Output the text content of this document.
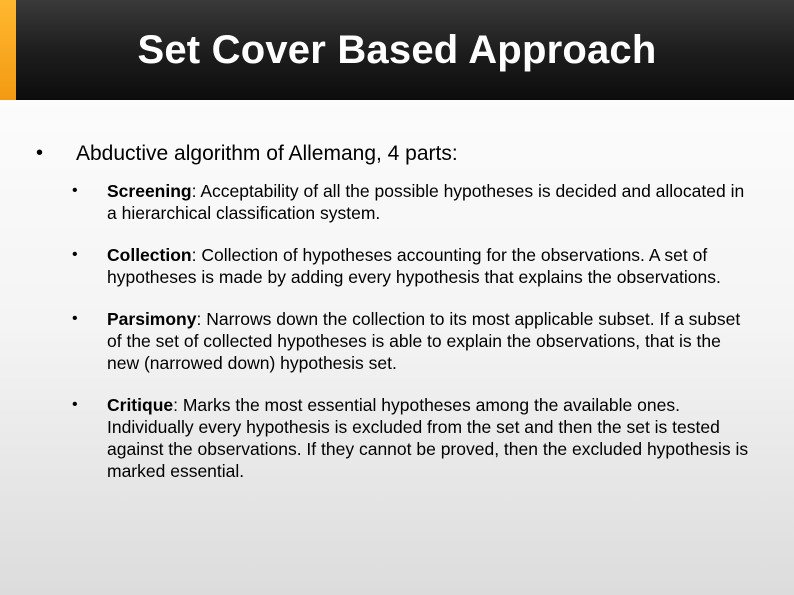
Set Cover Based Approach
• Abductive algorithm of Allemang, 4 parts:
• Screening: Acceptability of all the possible hypotheses is decided and allocated in a hierarchical classification system.
• Collection: Collection of hypotheses accounting for the observations. A set of hypotheses is made by adding every hypothesis that explains the observations.
• Parsimony: Narrows down the collection to its most applicable subset. If a subset of the set of collected hypotheses is able to explain the observations, that is the new (narrowed down) hypothesis set.
• Critique: Marks the most essential hypotheses among the available ones. Individually every hypothesis is excluded from the set and then the set is tested against the observations. If they cannot be proved, then the excluded hypothesis is marked essential.
